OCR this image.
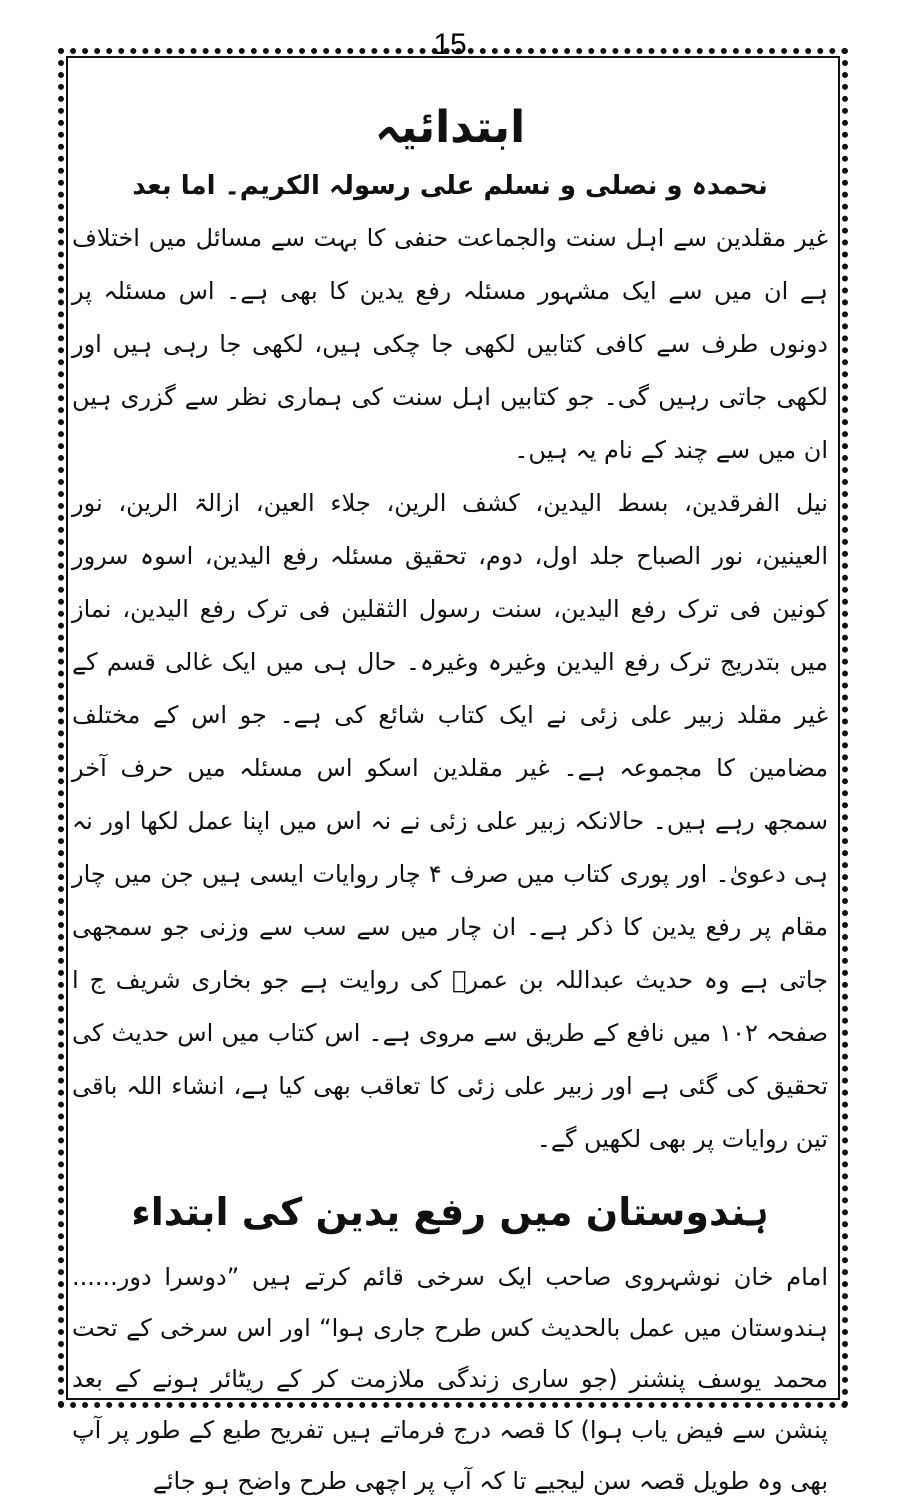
15
ابتدائیہ

نحمدہ و نصلی و نسلم علی رسولہ الکریم۔ اما بعد

غیر مقلدین سے اہل سنت والجماعت حنفی کا بہت سے مسائل میں اختلاف ہے ان میں سے ایک مشہور مسئلہ رفع یدین کا بھی ہے۔ اس مسئلہ پر دونوں طرف سے کافی کتابیں لکھی جا چکی ہیں، لکھی جا رہی ہیں اور لکھی جاتی رہیں گی۔ جو کتابیں اہل سنت کی ہماری نظر سے گزری ہیں ان میں سے چند کے نام یہ ہیں۔

نیل الفرقدین، بسط الیدین، کشف الرین، جلاء العین، ازالۃ الرین، نور العینین، نور الصباح جلد اول، دوم، تحقیق مسئلہ رفع الیدین، اسوہ سرور کونین فی ترک رفع الیدین، سنت رسول الثقلین فی ترک رفع الیدین، نماز میں بتدریج ترک رفع الیدین وغیرہ وغیرہ۔ حال ہی میں ایک غالی قسم کے غیر مقلد زبیر علی زئی نے ایک کتاب شائع کی ہے۔ جو اس کے مختلف مضامین کا مجموعہ ہے۔ غیر مقلدین اسکو اس مسئلہ میں حرف آخر سمجھ رہے ہیں۔ حالانکہ زبیر علی زئی نے نہ اس میں اپنا عمل لکھا اور نہ ہی دعویٰ۔ اور پوری کتاب میں صرف ۴ چار روایات ایسی ہیں جن میں چار مقام پر رفع یدین کا ذکر ہے۔ ان چار میں سے سب سے وزنی جو سمجھی جاتی ہے وہ حدیث عبداللہ بن عمرؓ کی روایت ہے جو بخاری شریف ج ا صفحہ ۱۰۲ میں نافع کے طریق سے مروی ہے۔ اس کتاب میں اس حدیث کی تحقیق کی گئی ہے اور زبیر علی زئی کا تعاقب بھی کیا ہے، انشاء اللہ باقی تین روایات پر بھی لکھیں گے۔

ہندوستان میں رفع یدین کی ابتداء

امام خان نوشہروی صاحب ایک سرخی قائم کرتے ہیں ”دوسرا دور...... ہندوستان میں عمل بالحدیث کس طرح جاری ہوا“ اور اس سرخی کے تحت محمد یوسف پنشنر (جو ساری زندگی ملازمت کر کے ریٹائر ہونے کے بعد پنشن سے فیض یاب ہوا) کا قصہ درج فرماتے ہیں تفریح طبع کے طور پر آپ بھی وہ طویل قصہ سن لیجیے تا کہ آپ پر اچھی طرح واضح ہو جائے
